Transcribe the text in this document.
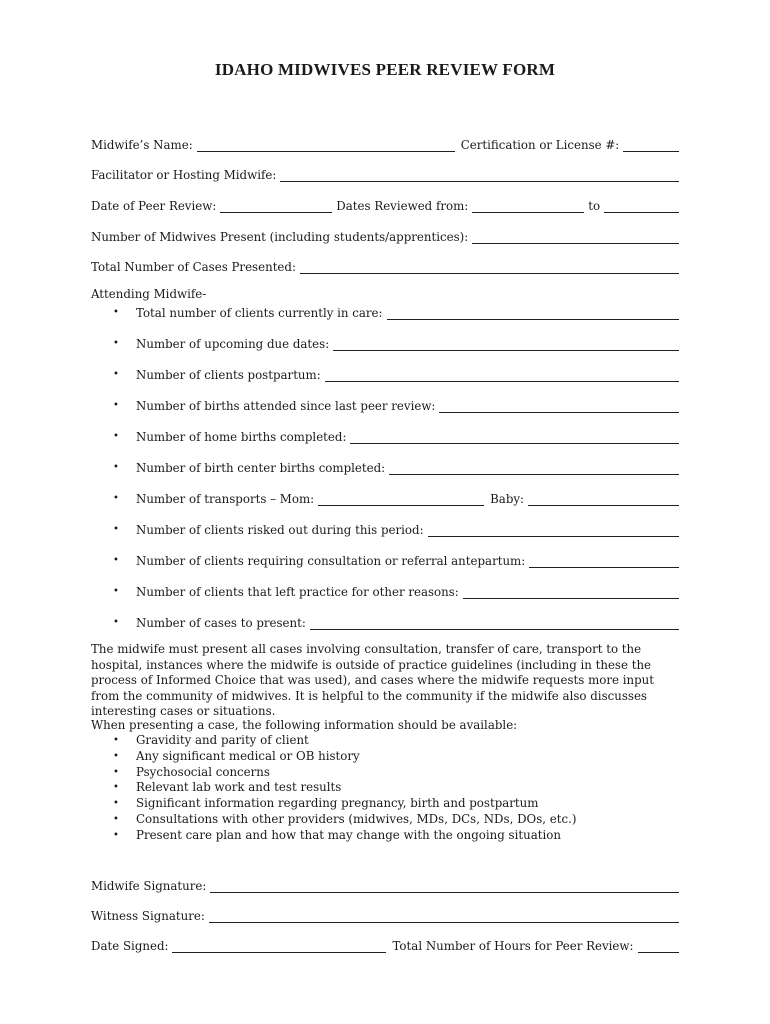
IDAHO MIDWIVES PEER REVIEW FORM
Midwife’s Name:	Certification or License #:
Facilitator or Hosting Midwife:
Date of Peer Review:	Dates Reviewed from:	to
Number of Midwives Present (including students/apprentices):
Total Number of Cases Presented:
Attending Midwife-
•	Total number of clients currently in care:
•	Number of upcoming due dates:
•	Number of clients postpartum:
•	Number of births attended since last peer review:
•	Number of home births completed:
•	Number of birth center births completed:
•	Number of transports – Mom:	Baby:
•	Number of clients risked out during this period:
•	Number of clients requiring consultation or referral antepartum:
•	Number of clients that left practice for other reasons:
•	Number of cases to present:
The midwife must present all cases involving consultation, transfer of care, transport to the hospital, instances where the midwife is outside of practice guidelines (including in these the process of Informed Choice that was used), and cases where the midwife requests more input from the community of midwives. It is helpful to the community if the midwife also discusses interesting cases or situations.
When presenting a case, the following information should be available:
•	Gravidity and parity of client
•	Any significant medical or OB history
•	Psychosocial concerns
•	Relevant lab work and test results
•	Significant information regarding pregnancy, birth and postpartum
•	Consultations with other providers (midwives, MDs, DCs, NDs, DOs, etc.)
•	Present care plan and how that may change with the ongoing situation
Midwife Signature:
Witness Signature:
Date Signed:	Total Number of Hours for Peer Review:
